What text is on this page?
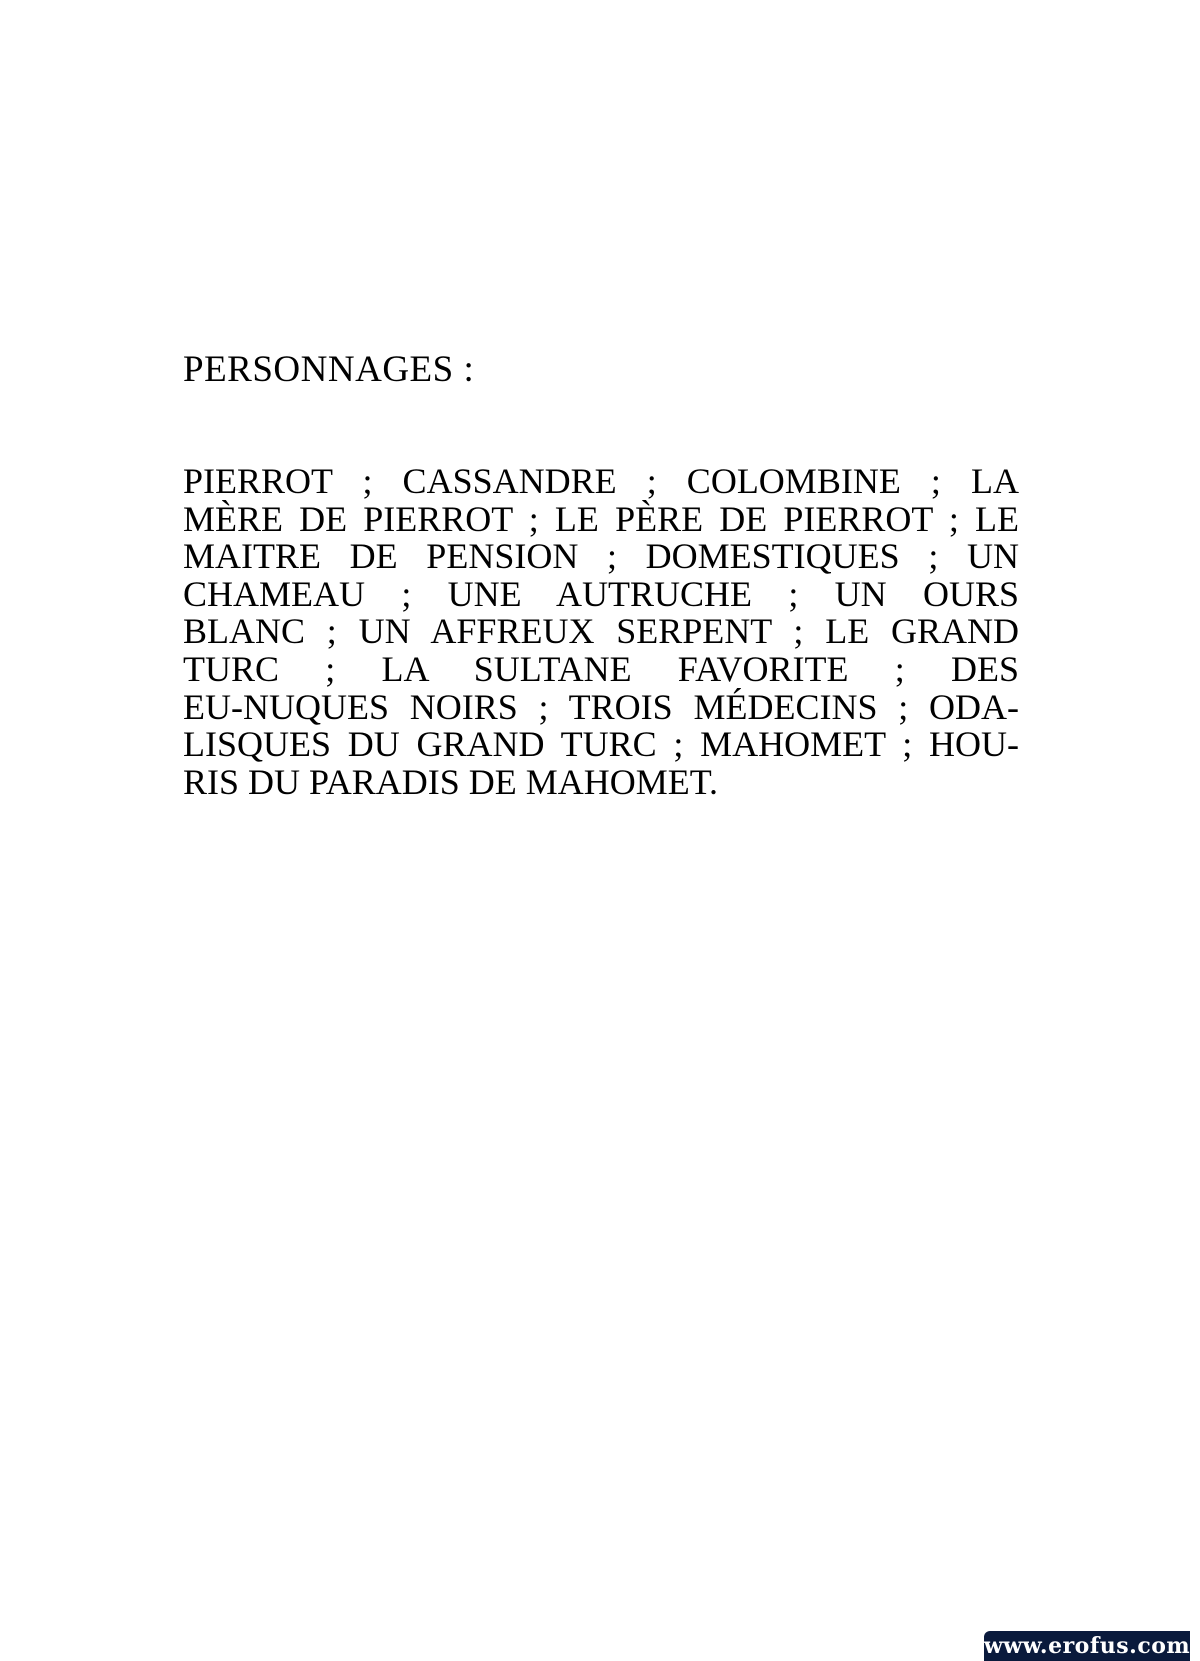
PERSONNAGES :
PIERROT ; CASSANDRE ; COLOMBINE ; LA
MÈRE DE PIERROT ; LE PÈRE DE PIERROT ; LE
MAITRE DE PENSION ; DOMESTIQUES ; UN
CHAMEAU ; UNE AUTRUCHE ; UN OURS
BLANC ; UN AFFREUX SERPENT ; LE GRAND
TURC ; LA SULTANE FAVORITE ; DES
EU-NUQUES NOIRS ; TROIS MÉDECINS ; ODA-
LISQUES DU GRAND TURC ; MAHOMET ; HOU-
RIS DU PARADIS DE MAHOMET.
www.erofus.com
